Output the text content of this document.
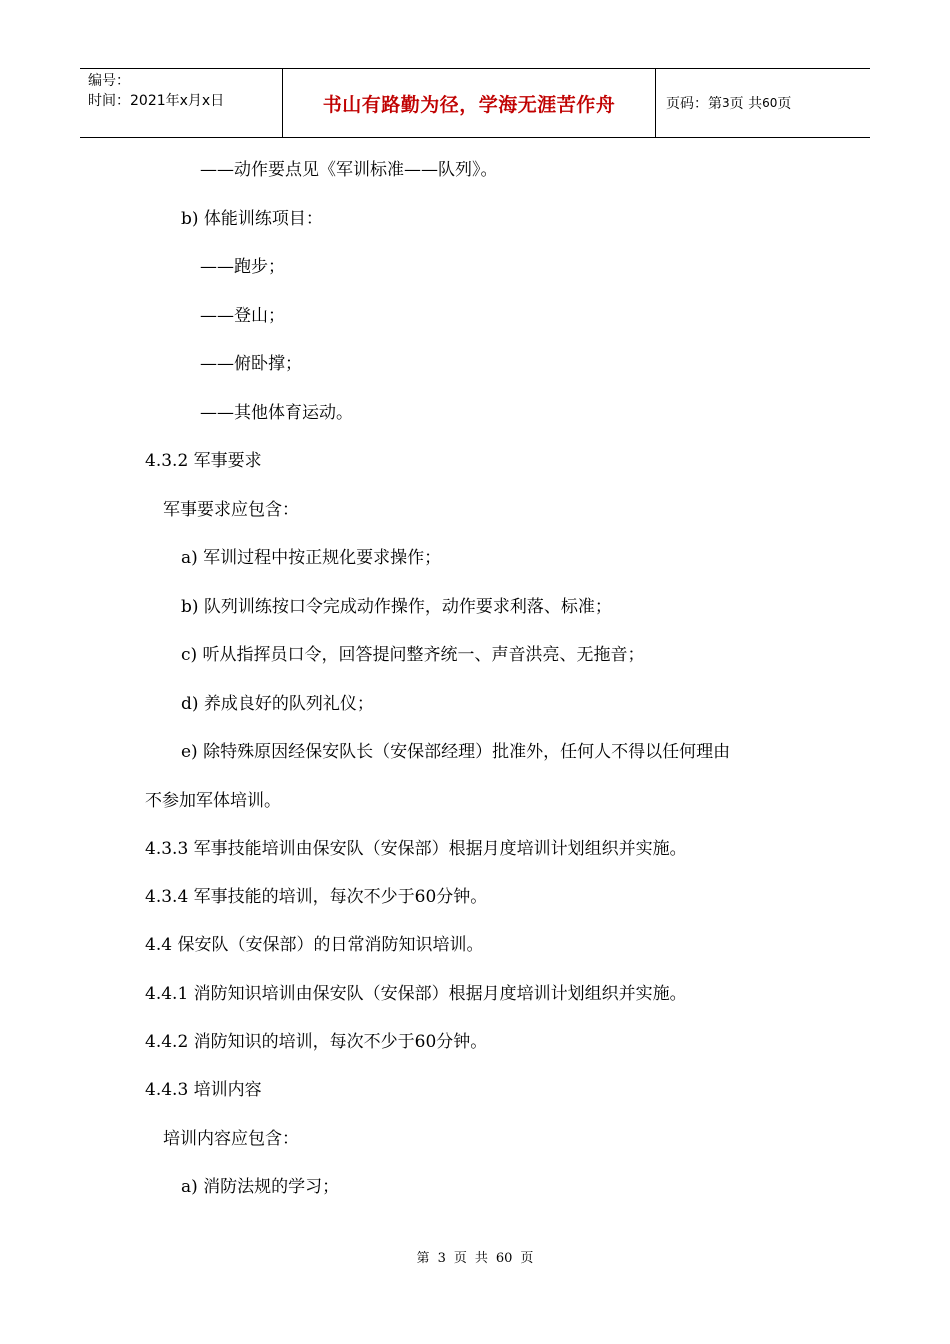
编号：
时间：2021年x月x日	书山有路勤为径，学海无涯苦作舟	页码：第 3 页 共 60 页
——动作要点见《军训标准——队列》。
b) 体能训练项目：
——跑步；
——登山；
——俯卧撑；
——其他体育运动。
4.3.2 军事要求
军事要求应包含：
a) 军训过程中按正规化要求操作；
b) 队列训练按口令完成动作操作，动作要求利落、标准；
c) 听从指挥员口令，回答提问整齐统一、声音洪亮、无拖音；
d) 养成良好的队列礼仪；
e) 除特殊原因经保安队长（安保部经理）批准外，任何人不得以任何理由
不参加军体培训。
4.3.3 军事技能培训由保安队（安保部）根据月度培训计划组织并实施。
4.3.4 军事技能的培训，每次不少于60分钟。
4.4 保安队（安保部）的日常消防知识培训。
4.4.1 消防知识培训由保安队（安保部）根据月度培训计划组织并实施。
4.4.2 消防知识的培训，每次不少于60分钟。
4.4.3 培训内容
培训内容应包含：
a) 消防法规的学习；
第 3 页 共 60 页
